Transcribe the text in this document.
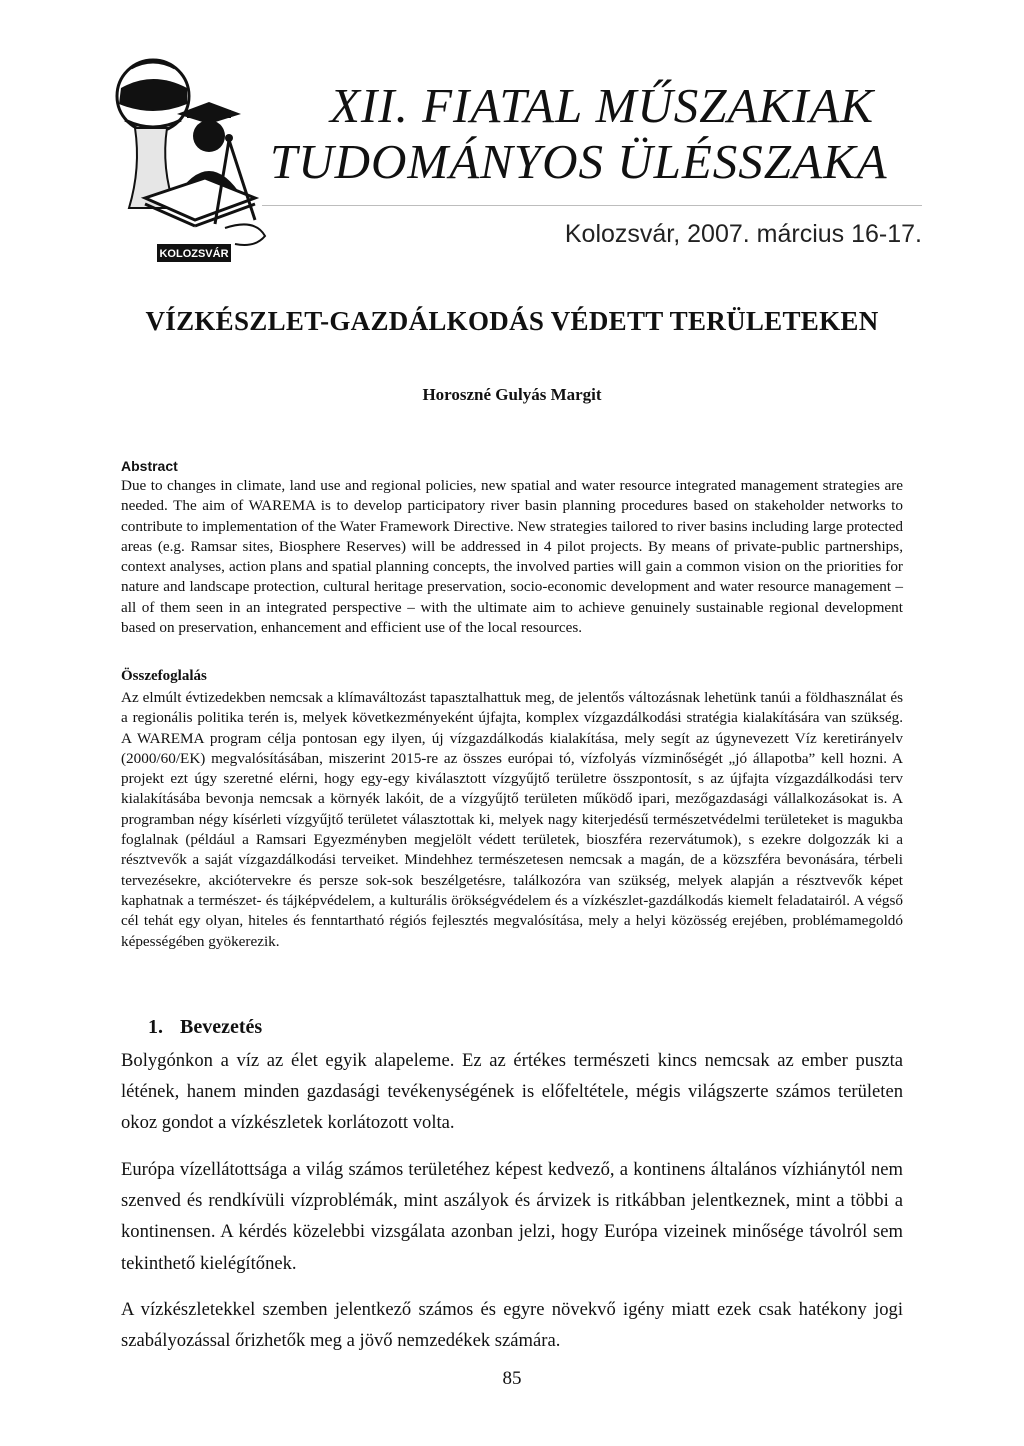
KOLOZSVÁR
XII. FIATAL MŰSZAKIAK
TUDOMÁNYOS ÜLÉSSZAKA
Kolozsvár, 2007. március 16-17.
VÍZKÉSZLET-GAZDÁLKODÁS VÉDETT TERÜLETEKEN
Horoszné Gulyás Margit
Abstract
Due to changes in climate, land use and regional policies, new spatial and water resource integrated management strategies are needed. The aim of WAREMA is to develop participatory river basin planning procedures based on stakeholder networks to contribute to implementation of the Water Framework Directive. New strategies tailored to river basins including large protected areas (e.g. Ramsar sites, Biosphere Reserves) will be addressed in 4 pilot projects. By means of private-public partnerships, context analyses, action plans and spatial planning concepts, the involved parties will gain a common vision on the priorities for nature and landscape protection, cultural heritage preservation, socio-economic development and water resource management – all of them seen in an integrated perspective – with the ultimate aim to achieve genuinely sustainable regional development based on preservation, enhancement and efficient use of the local resources.
Összefoglalás
Az elmúlt évtizedekben nemcsak a klímaváltozást tapasztalhattuk meg, de jelentős változásnak lehetünk tanúi a földhasználat és a regionális politika terén is, melyek következményeként újfajta, komplex vízgazdálkodási stratégia kialakítására van szükség. A WAREMA program célja pontosan egy ilyen, új vízgazdálkodás kialakítása, mely segít az úgynevezett Víz keretirányelv (2000/60/EK) megvalósításában, miszerint 2015-re az összes európai tó, vízfolyás vízminőségét „jó állapotba” kell hozni. A projekt ezt úgy szeretné elérni, hogy egy-egy kiválasztott vízgyűjtő területre összpontosít, s az újfajta vízgazdálkodási terv kialakításába bevonja nemcsak a környék lakóit, de a vízgyűjtő területen működő ipari, mezőgazdasági vállalkozásokat is. A programban négy kísérleti vízgyűjtő területet választottak ki, melyek nagy kiterjedésű természetvédelmi területeket is magukba foglalnak (például a Ramsari Egyezményben megjelölt védett területek, bioszféra rezervátumok), s ezekre dolgozzák ki a résztvevők a saját vízgazdálkodási terveiket. Mindehhez természetesen nemcsak a magán, de a közszféra bevonására, térbeli tervezésekre, akciótervekre és persze sok-sok beszélgetésre, találkozóra van szükség, melyek alapján a résztvevők képet kaphatnak a természet- és tájképvédelem, a kulturális örökségvédelem és a vízkészlet-gazdálkodás kiemelt feladatairól. A végső cél tehát egy olyan, hiteles és fenntartható régiós fejlesztés megvalósítása, mely a helyi közösség erejében, problémamegoldó képességében gyökerezik.
1. Bevezetés
Bolygónkon a víz az élet egyik alapeleme. Ez az értékes természeti kincs nemcsak az ember puszta létének, hanem minden gazdasági tevékenységének is előfeltétele, mégis világszerte számos területen okoz gondot a vízkészletek korlátozott volta.
Európa vízellátottsága a világ számos területéhez képest kedvező, a kontinens általános vízhiánytól nem szenved és rendkívüli vízproblémák, mint aszályok és árvizek is ritkábban jelentkeznek, mint a többi a kontinensen. A kérdés közelebbi vizsgálata azonban jelzi, hogy Európa vizeinek minősége távolról sem tekinthető kielégítőnek.
A vízkészletekkel szemben jelentkező számos és egyre növekvő igény miatt ezek csak hatékony jogi szabályozással őrizhetők meg a jövő nemzedékek számára.
85
